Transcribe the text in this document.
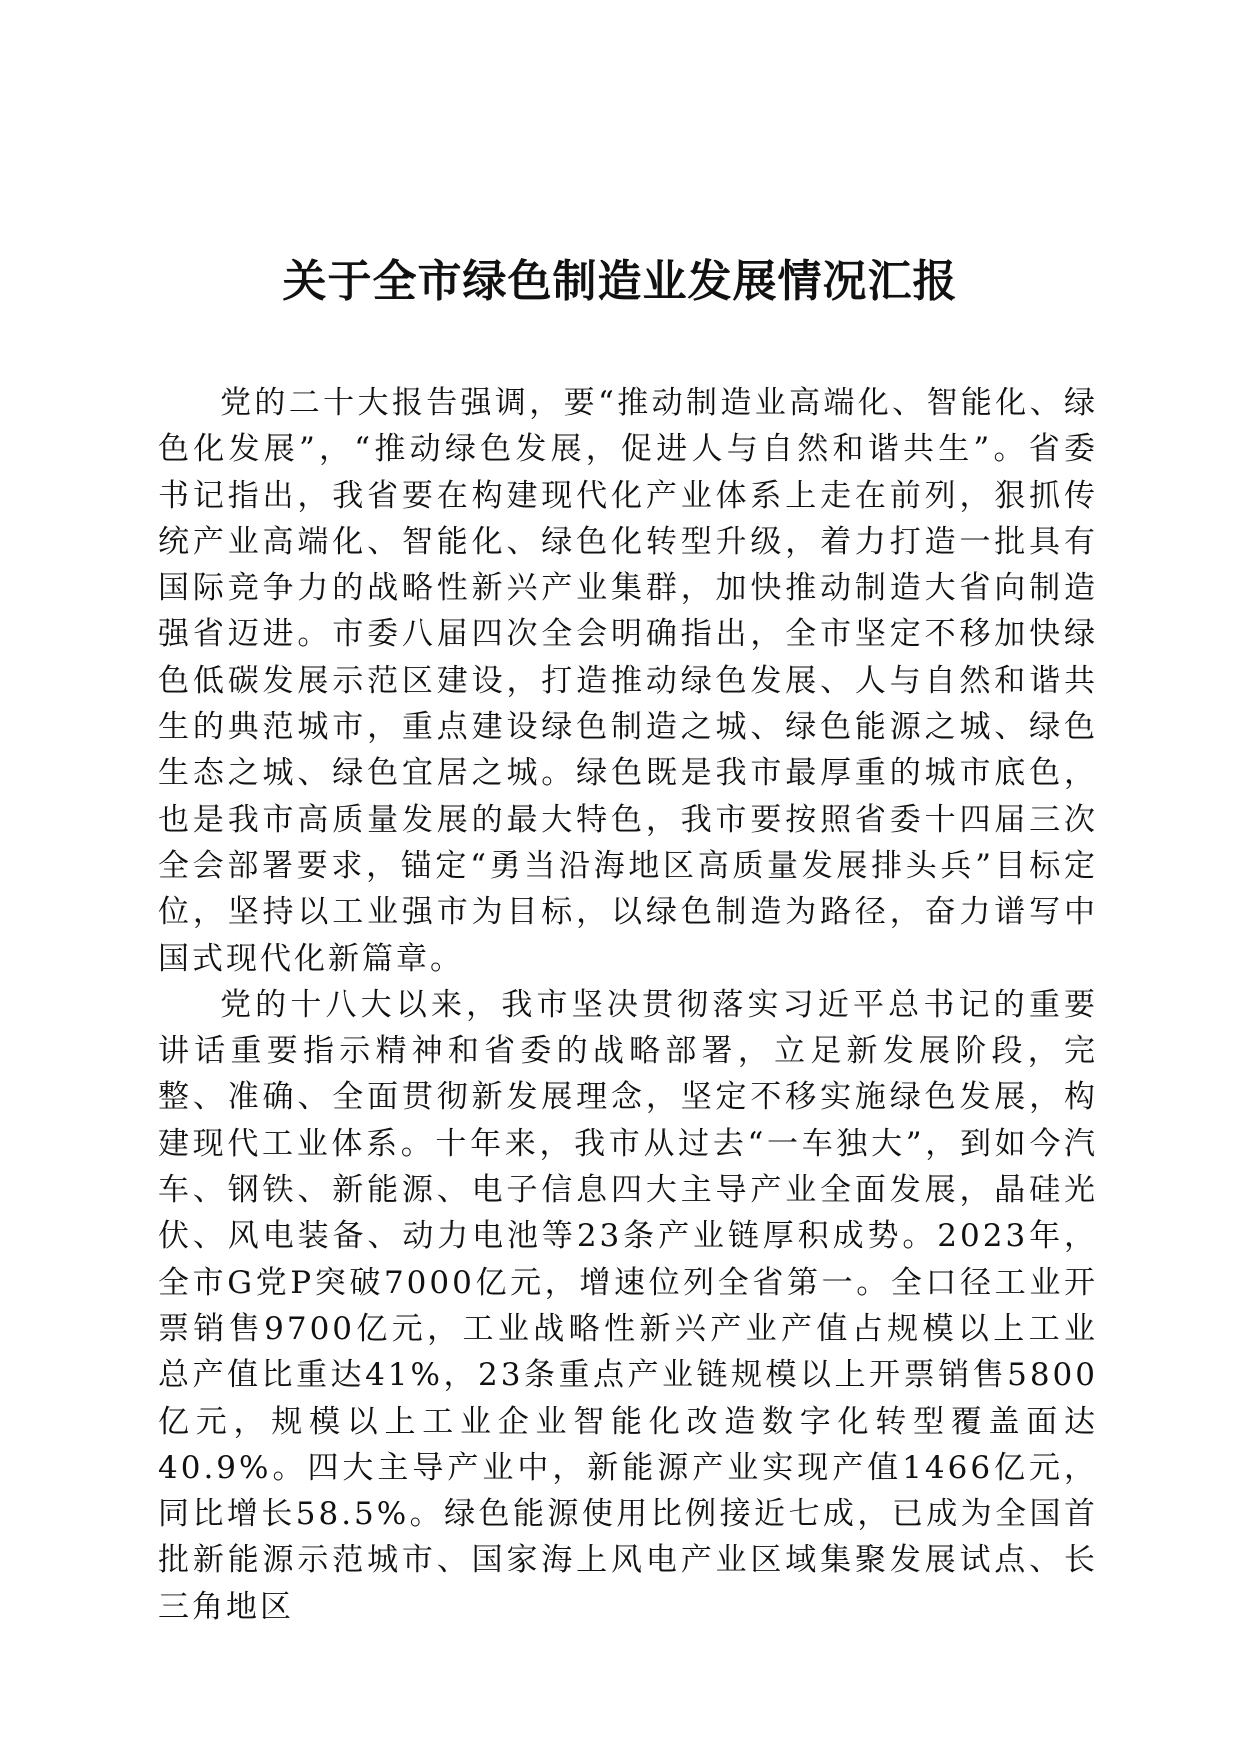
关于全市绿色制造业发展情况汇报

党的二十大报告强调，要“推动制造业高端化、智能化、绿色化发展”，“推动绿色发展，促进人与自然和谐共生”。省委书记指出，我省要在构建现代化产业体系上走在前列，狠抓传统产业高端化、智能化、绿色化转型升级，着力打造一批具有国际竞争力的战略性新兴产业集群，加快推动制造大省向制造强省迈进。市委八届四次全会明确指出，全市坚定不移加快绿色低碳发展示范区建设，打造推动绿色发展、人与自然和谐共生的典范城市，重点建设绿色制造之城、绿色能源之城、绿色生态之城、绿色宜居之城。绿色既是我市最厚重的城市底色，也是我市高质量发展的最大特色，我市要按照省委十四届三次全会部署要求，锚定“勇当沿海地区高质量发展排头兵”目标定位，坚持以工业强市为目标，以绿色制造为路径，奋力谱写中国式现代化新篇章。

党的十八大以来，我市坚决贯彻落实习近平总书记的重要讲话重要指示精神和省委的战略部署，立足新发展阶段，完整、准确、全面贯彻新发展理念，坚定不移实施绿色发展，构建现代工业体系。十年来，我市从过去“一车独大”，到如今汽车、钢铁、新能源、电子信息四大主导产业全面发展，晶硅光伏、风电装备、动力电池等23条产业链厚积成势。2023年，全市G党P突破7000亿元，增速位列全省第一。全口径工业开票销售9700亿元，工业战略性新兴产业产值占规模以上工业总产值比重达41%，23条重点产业链规模以上开票销售5800亿元，规模以上工业企业智能化改造数字化转型覆盖面达40.9%。四大主导产业中，新能源产业实现产值1466亿元，同比增长58.5%。绿色能源使用比例接近七成，已成为全国首批新能源示范城市、国家海上风电产业区域集聚发展试点、长三角地区
